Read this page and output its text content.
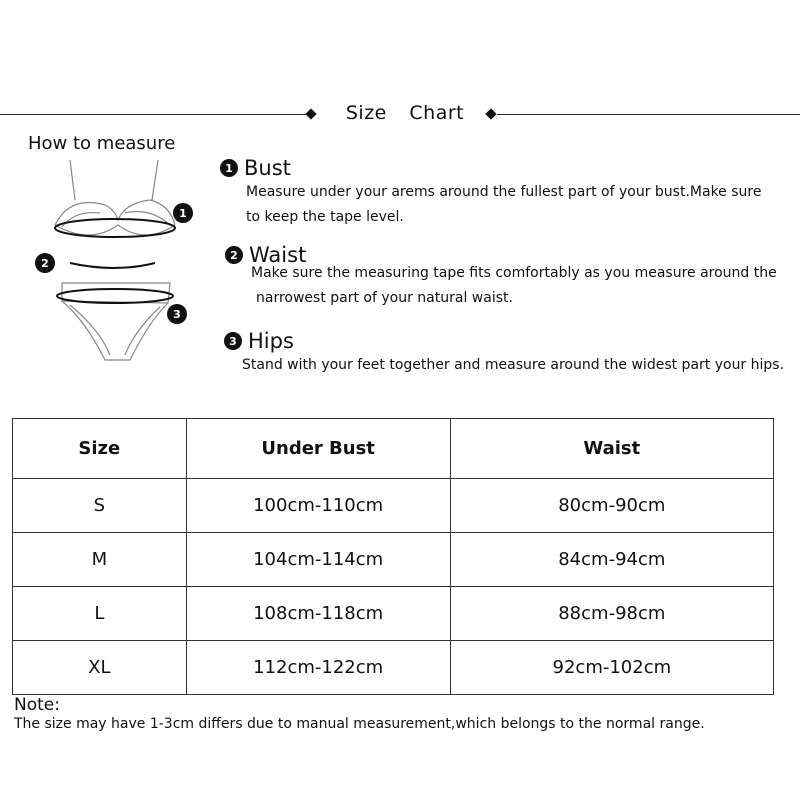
Size Chart
How to measure
1
2
3
1 Bust
Measure under your arems around the fullest part of your bust.Make sure
to keep the tape level.
2 Waist
Make sure the measuring tape fits comfortably as you measure around the
narrowest part of your natural waist.
3 Hips
Stand with your feet together and measure around the widest part your hips.
Size	Under Bust	Waist
S	100cm-110cm	80cm-90cm
M	104cm-114cm	84cm-94cm
L	108cm-118cm	88cm-98cm
XL	112cm-122cm	92cm-102cm
Note:
The size may have 1-3cm differs due to manual measurement,which belongs to the normal range.
